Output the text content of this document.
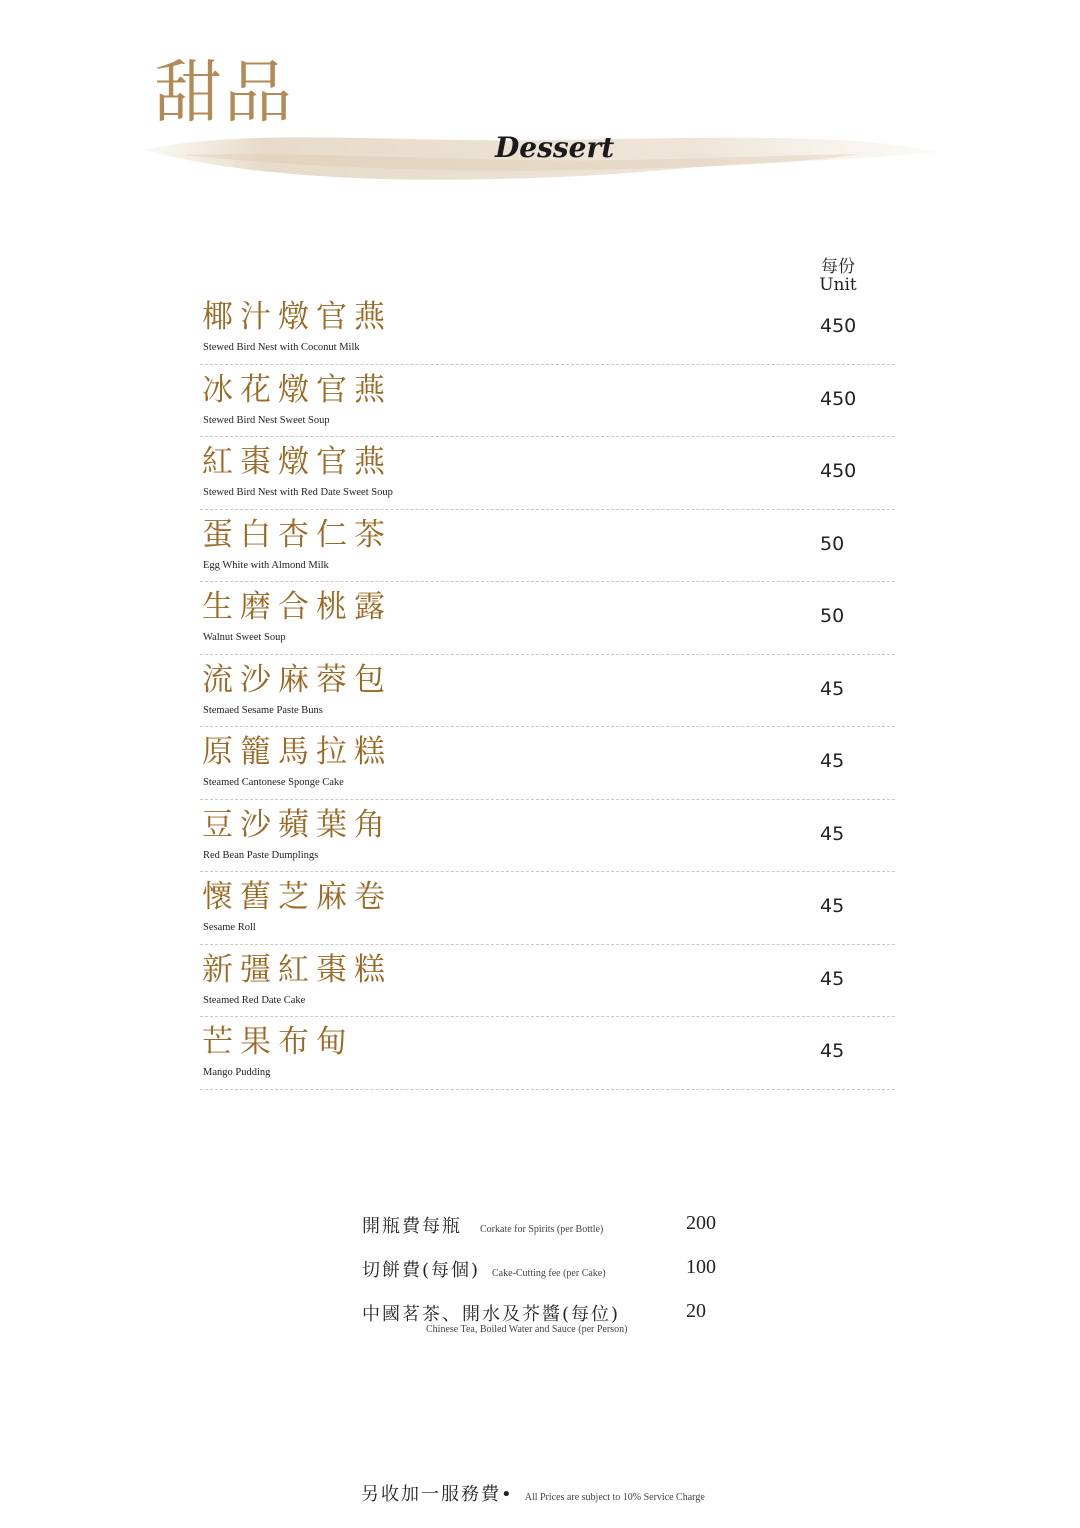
甜品
Dessert
每份
Unit
椰汁燉官燕
Stewed Bird Nest with Coconut Milk
450
冰花燉官燕
Stewed Bird Nest Sweet Soup
450
紅棗燉官燕
Stewed Bird Nest with Red Date Sweet Soup
450
蛋白杏仁茶
Egg White with Almond Milk
50
生磨合桃露
Walnut Sweet Soup
50
流沙麻蓉包
Stemaed Sesame Paste Buns
45
原籠馬拉糕
Steamed Cantonese Sponge Cake
45
豆沙蘋葉角
Red Bean Paste Dumplings
45
懷舊芝麻卷
Sesame Roll
45
新彊紅棗糕
Steamed Red Date Cake
45
芒果布甸
Mango Pudding
45
開瓶費每瓶 Corkate for Spirits (per Bottle)	200
切餅費(每個) Cake-Cutting fee (per Cake)	100
中國茗茶、開水及芥醬(每位)
Chinese Tea, Boiled Water and Sauce (per Person)
20
另收加一服務費• All Prices are subject to 10% Service Charge
